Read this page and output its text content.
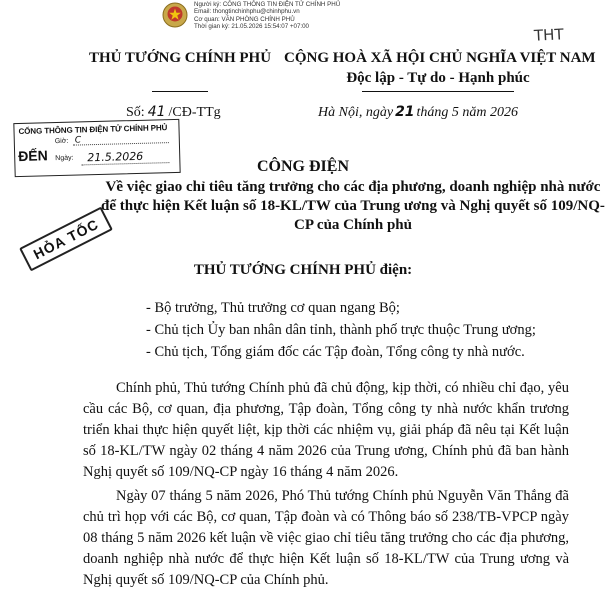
Người ký: CÔNG THÔNG TIN ĐIỆN TỬ CHÍNH PHỦ
Email: thongtinchinhphu@chinhphu.vn
Cơ quan: VĂN PHÒNG CHÍNH PHỦ
Thời gian ký: 21.05.2026 15:54:07 +07:00	THT
THỦ TƯỚNG CHÍNH PHỦ CỘNG HOÀ XÃ HỘI CHỦ NGHĨA VIỆT NAM
Độc lập - Tự do - Hạnh phúc
Số: 41 /CĐ-TTg	Hà Nội, ngày 21 tháng 5 năm 2026
CỔNG THÔNG TIN ĐIỆN TỬ CHÍNH PHỦ
ĐẾN
Giờ: C
Ngày: 21.5.2026
HỎA TỐC
CÔNG ĐIỆN
Về việc giao chỉ tiêu tăng trưởng cho các địa phương, doanh nghiệp nhà nước để thực hiện Kết luận số 18-KL/TW của Trung ương và Nghị quyết số 109/NQ-CP của Chính phủ
THỦ TƯỚNG CHÍNH PHỦ điện:
- Bộ trưởng, Thủ trưởng cơ quan ngang Bộ;
- Chủ tịch Ủy ban nhân dân tỉnh, thành phố trực thuộc Trung ương;
- Chủ tịch, Tổng giám đốc các Tập đoàn, Tổng công ty nhà nước.
Chính phủ, Thủ tướng Chính phủ đã chủ động, kịp thời, có nhiều chỉ đạo, yêu cầu các Bộ, cơ quan, địa phương, Tập đoàn, Tổng công ty nhà nước khẩn trương triển khai thực hiện quyết liệt, kịp thời các nhiệm vụ, giải pháp đã nêu tại Kết luận số 18-KL/TW ngày 02 tháng 4 năm 2026 của Trung ương, Chính phủ đã ban hành Nghị quyết số 109/NQ-CP ngày 16 tháng 4 năm 2026.
Ngày 07 tháng 5 năm 2026, Phó Thủ tướng Chính phủ Nguyễn Văn Thắng đã chủ trì họp với các Bộ, cơ quan, Tập đoàn và có Thông báo số 238/TB-VPCP ngày 08 tháng 5 năm 2026 kết luận về việc giao chỉ tiêu tăng trưởng cho các địa phương, doanh nghiệp nhà nước để thực hiện Kết luận số 18-KL/TW của Trung ương và Nghị quyết số 109/NQ-CP của Chính phủ.
